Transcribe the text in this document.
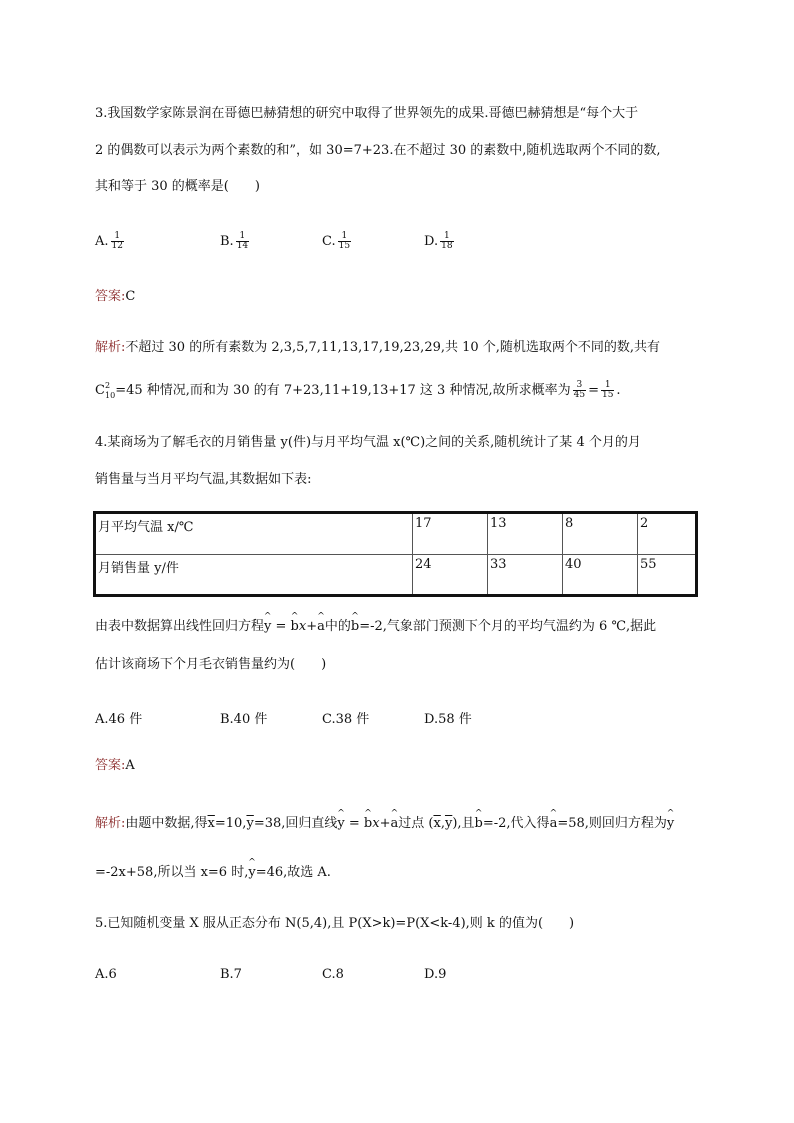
3.我国数学家陈景润在哥德巴赫猜想的研究中取得了世界领先的成果.哥德巴赫猜想是“每个大于
2 的偶数可以表示为两个素数的和”，如 30=7+23.在不超过 30 的素数中,随机选取两个不同的数,
其和等于 30 的概率是(　　)
A. $\frac{1}{12}$	B. $\frac{1}{14}$	C. $\frac{1}{15}$	D. $\frac{1}{18}$
答案:C
解析:不超过 30 的所有素数为 2,3,5,7,11,13,17,19,23,29,共 10 个,随机选取两个不同的数,共有
$C^2_{10}=45$ 种情况,而和为 30 的有 7+23,11+19,13+17 这 3 种情况,故所求概率为 $\frac{3}{45} = \frac{1}{15}$ .
4.某商场为了解毛衣的月销售量 y(件)与月平均气温 x(℃)之间的关系,随机统计了某 4 个月的月
销售量与当月平均气温,其数据如下表:
月平均气温 x/℃	17	13	8	2
月销售量 y/件	24	33	40	55
由表中数据算出线性回归方程^ y = ^ bx+^ a中的^ b=-2,气象部门预测下个月的平均气温约为 6 ℃,据此
估计该商场下个月毛衣销售量约为(　　)
A.46 件	B.40 件	C.38 件	D.58 件
答案:A
解析:由题中数据,得$\overline{x}=10,\overline{y}=38$,回归直线^ y = ^ bx+^ a过点 $(\overline{x},\overline{y})$,且^ b=-2,代入得^ a=58,则回归方程为^ y
=-2x+58,所以当 x=6 时,^ y=46,故选 A.
5.已知随机变量 X 服从正态分布 N(5,4),且 P(X>k)=P(X<k-4),则 k 的值为(　　)
A.6	B.7	C.8	D.9
